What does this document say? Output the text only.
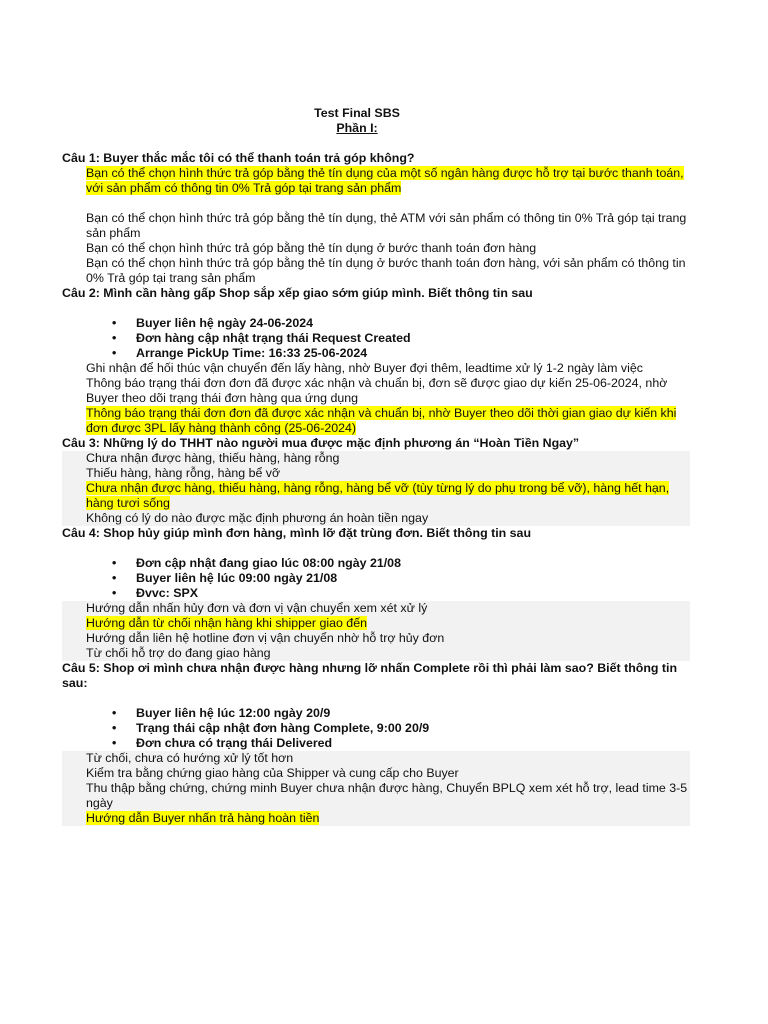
Test Final SBS
Phần I:
Câu 1: Buyer thắc mắc tôi có thể thanh toán trả góp không?
Bạn có thể chọn hình thức trả góp bằng thẻ tín dụng của một số ngân hàng được hỗ trợ tại bước thanh toán, với sản phẩm có thông tin 0% Trả góp tại trang sản phẩm
Bạn có thể chọn hình thức trả góp bằng thẻ tín dụng, thẻ ATM với sản phẩm có thông tin 0% Trả góp tại trang sản phẩm
Bạn có thể chọn hình thức trả góp bằng thẻ tín dụng ở bước thanh toán đơn hàng
Bạn có thể chọn hình thức trả góp bằng thẻ tín dụng ở bước thanh toán đơn hàng, với sản phẩm có thông tin 0% Trả góp tại trang sản phẩm
Câu 2: Mình cần hàng gấp Shop sắp xếp giao sớm giúp mình. Biết thông tin sau
• Buyer liên hệ ngày 24-06-2024
• Đơn hàng cập nhật trạng thái Request Created
• Arrange PickUp Time: 16:33 25-06-2024
Ghi nhận để hối thúc vận chuyển đến lấy hàng, nhờ Buyer đợi thêm, leadtime xử lý 1-2 ngày làm việc
Thông báo trạng thái đơn đơn đã được xác nhận và chuẩn bị, đơn sẽ được giao dự kiến 25-06-2024, nhờ Buyer theo dõi trạng thái đơn hàng qua ứng dụng
Thông báo trạng thái đơn đơn đã được xác nhận và chuẩn bị, nhờ Buyer theo dõi thời gian giao dự kiến khi đơn được 3PL lấy hàng thành công (25-06-2024)
Câu 3: Những lý do THHT nào người mua được mặc định phương án “Hoàn Tiền Ngay”
Chưa nhận được hàng, thiếu hàng, hàng rỗng
Thiếu hàng, hàng rỗng, hàng bể vỡ
Chưa nhận được hàng, thiếu hàng, hàng rỗng, hàng bể vỡ (tùy từng lý do phụ trong bể vỡ), hàng hết hạn, hàng tươi sống
Không có lý do nào được mặc định phương án hoàn tiền ngay
Câu 4: Shop hủy giúp mình đơn hàng, mình lỡ đặt trùng đơn. Biết thông tin sau
• Đơn cập nhật đang giao lúc 08:00 ngày 21/08
• Buyer liên hệ lúc 09:00 ngày 21/08
• Đvvc: SPX
Hướng dẫn nhấn hủy đơn và đơn vị vận chuyển xem xét xử lý
Hướng dẫn từ chối nhận hàng khi shipper giao đến
Hướng dẫn liên hệ hotline đơn vị vận chuyển nhờ hỗ trợ hủy đơn
Từ chối hỗ trợ do đang giao hàng
Câu 5: Shop ơi mình chưa nhận được hàng nhưng lỡ nhấn Complete rồi thì phải làm sao? Biết thông tin sau:
• Buyer liên hệ lúc 12:00 ngày 20/9
• Trạng thái cập nhật đơn hàng Complete, 9:00 20/9
• Đơn chưa có trạng thái Delivered
Từ chối, chưa có hướng xử lý tốt hơn
Kiểm tra bằng chứng giao hàng của Shipper và cung cấp cho Buyer
Thu thập bằng chứng, chứng minh Buyer chưa nhận được hàng, Chuyển BPLQ xem xét hỗ trợ, lead time 3-5 ngày
Hướng dẫn Buyer nhấn trả hàng hoàn tiền
